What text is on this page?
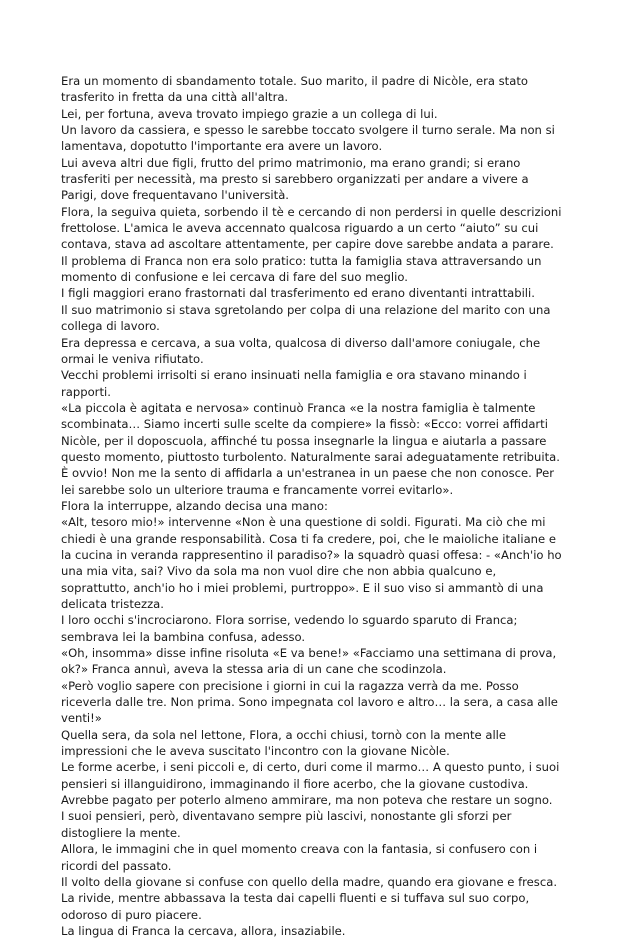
Era un momento di sbandamento totale. Suo marito, il padre di Nicòle, era stato
trasferito in fretta da una città all'altra.
Lei, per fortuna, aveva trovato impiego grazie a un collega di lui.
Un lavoro da cassiera, e spesso le sarebbe toccato svolgere il turno serale. Ma non si
lamentava, dopotutto l'importante era avere un lavoro.
Lui aveva altri due figli, frutto del primo matrimonio, ma erano grandi; si erano
trasferiti per necessità, ma presto si sarebbero organizzati per andare a vivere a
Parigi, dove frequentavano l'università.
Flora, la seguiva quieta, sorbendo il tè e cercando di non perdersi in quelle descrizioni
frettolose. L'amica le aveva accennato qualcosa riguardo a un certo “aiuto” su cui
contava, stava ad ascoltare attentamente, per capire dove sarebbe andata a parare.
Il problema di Franca non era solo pratico: tutta la famiglia stava attraversando un
momento di confusione e lei cercava di fare del suo meglio.
I figli maggiori erano frastornati dal trasferimento ed erano diventanti intrattabili.
Il suo matrimonio si stava sgretolando per colpa di una relazione del marito con una
collega di lavoro.
Era depressa e cercava, a sua volta, qualcosa di diverso dall'amore coniugale, che
ormai le veniva rifiutato.
Vecchi problemi irrisolti si erano insinuati nella famiglia e ora stavano minando i
rapporti.
«La piccola è agitata e nervosa» continuò Franca «e la nostra famiglia è talmente
scombinata… Siamo incerti sulle scelte da compiere» la fissò: «Ecco: vorrei affidarti
Nicòle, per il doposcuola, affinché tu possa insegnarle la lingua e aiutarla a passare
questo momento, piuttosto turbolento. Naturalmente sarai adeguatamente retribuita.
È ovvio! Non me la sento di affidarla a un'estranea in un paese che non conosce. Per
lei sarebbe solo un ulteriore trauma e francamente vorrei evitarlo».
Flora la interruppe, alzando decisa una mano:
«Alt, tesoro mio!» intervenne «Non è una questione di soldi. Figurati. Ma ciò che mi
chiedi è una grande responsabilità. Cosa ti fa credere, poi, che le maioliche italiane e
la cucina in veranda rappresentino il paradiso?» la squadrò quasi offesa: - «Anch'io ho
una mia vita, sai? Vivo da sola ma non vuol dire che non abbia qualcuno e,
soprattutto, anch'io ho i miei problemi, purtroppo». E il suo viso si ammantò di una
delicata tristezza.
I loro occhi s'incrociarono. Flora sorrise, vedendo lo sguardo sparuto di Franca;
sembrava lei la bambina confusa, adesso.
«Oh, insomma» disse infine risoluta «E va bene!» «Facciamo una settimana di prova,
ok?» Franca annuì, aveva la stessa aria di un cane che scodinzola.
«Però voglio sapere con precisione i giorni in cui la ragazza verrà da me. Posso
riceverla dalle tre. Non prima. Sono impegnata col lavoro e altro… la sera, a casa alle
venti!»
Quella sera, da sola nel lettone, Flora, a occhi chiusi, tornò con la mente alle
impressioni che le aveva suscitato l'incontro con la giovane Nicòle.
Le forme acerbe, i seni piccoli e, di certo, duri come il marmo… A questo punto, i suoi
pensieri si illanguidirono, immaginando il fiore acerbo, che la giovane custodiva.
Avrebbe pagato per poterlo almeno ammirare, ma non poteva che restare un sogno.
I suoi pensieri, però, diventavano sempre più lascivi, nonostante gli sforzi per
distogliere la mente.
Allora, le immagini che in quel momento creava con la fantasia, si confusero con i
ricordi del passato.
Il volto della giovane si confuse con quello della madre, quando era giovane e fresca.
La rivide, mentre abbassava la testa dai capelli fluenti e si tuffava sul suo corpo,
odoroso di puro piacere.
La lingua di Franca la cercava, allora, insaziabile.
